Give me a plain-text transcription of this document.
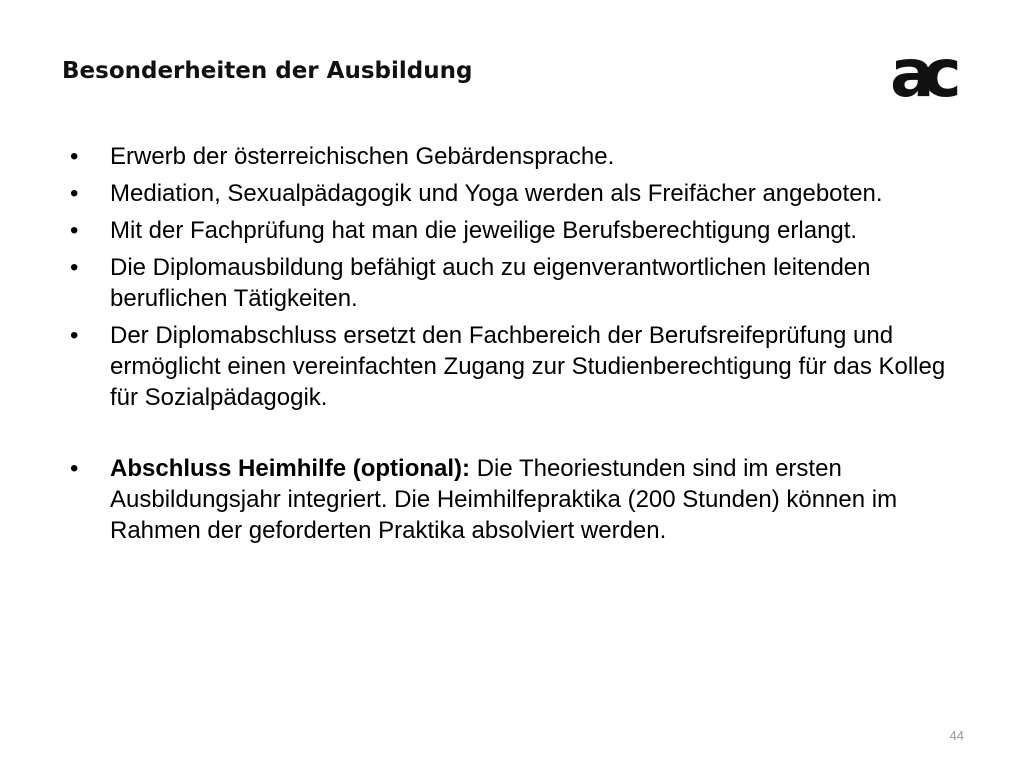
Besonderheiten der Ausbildung	ac
• Erwerb der österreichischen Gebärdensprache.
• Mediation, Sexualpädagogik und Yoga werden als Freifächer angeboten.
• Mit der Fachprüfung hat man die jeweilige Berufsberechtigung erlangt.
• Die Diplomausbildung befähigt auch zu eigenverantwortlichen leitenden beruflichen Tätigkeiten.
• Der Diplomabschluss ersetzt den Fachbereich der Berufsreifeprüfung und ermöglicht einen vereinfachten Zugang zur Studienberechtigung für das Kolleg für Sozialpädagogik.
• Abschluss Heimhilfe (optional): Die Theoriestunden sind im ersten Ausbildungsjahr integriert. Die Heimhilfepraktika (200 Stunden) können im Rahmen der geforderten Praktika absolviert werden.
44
